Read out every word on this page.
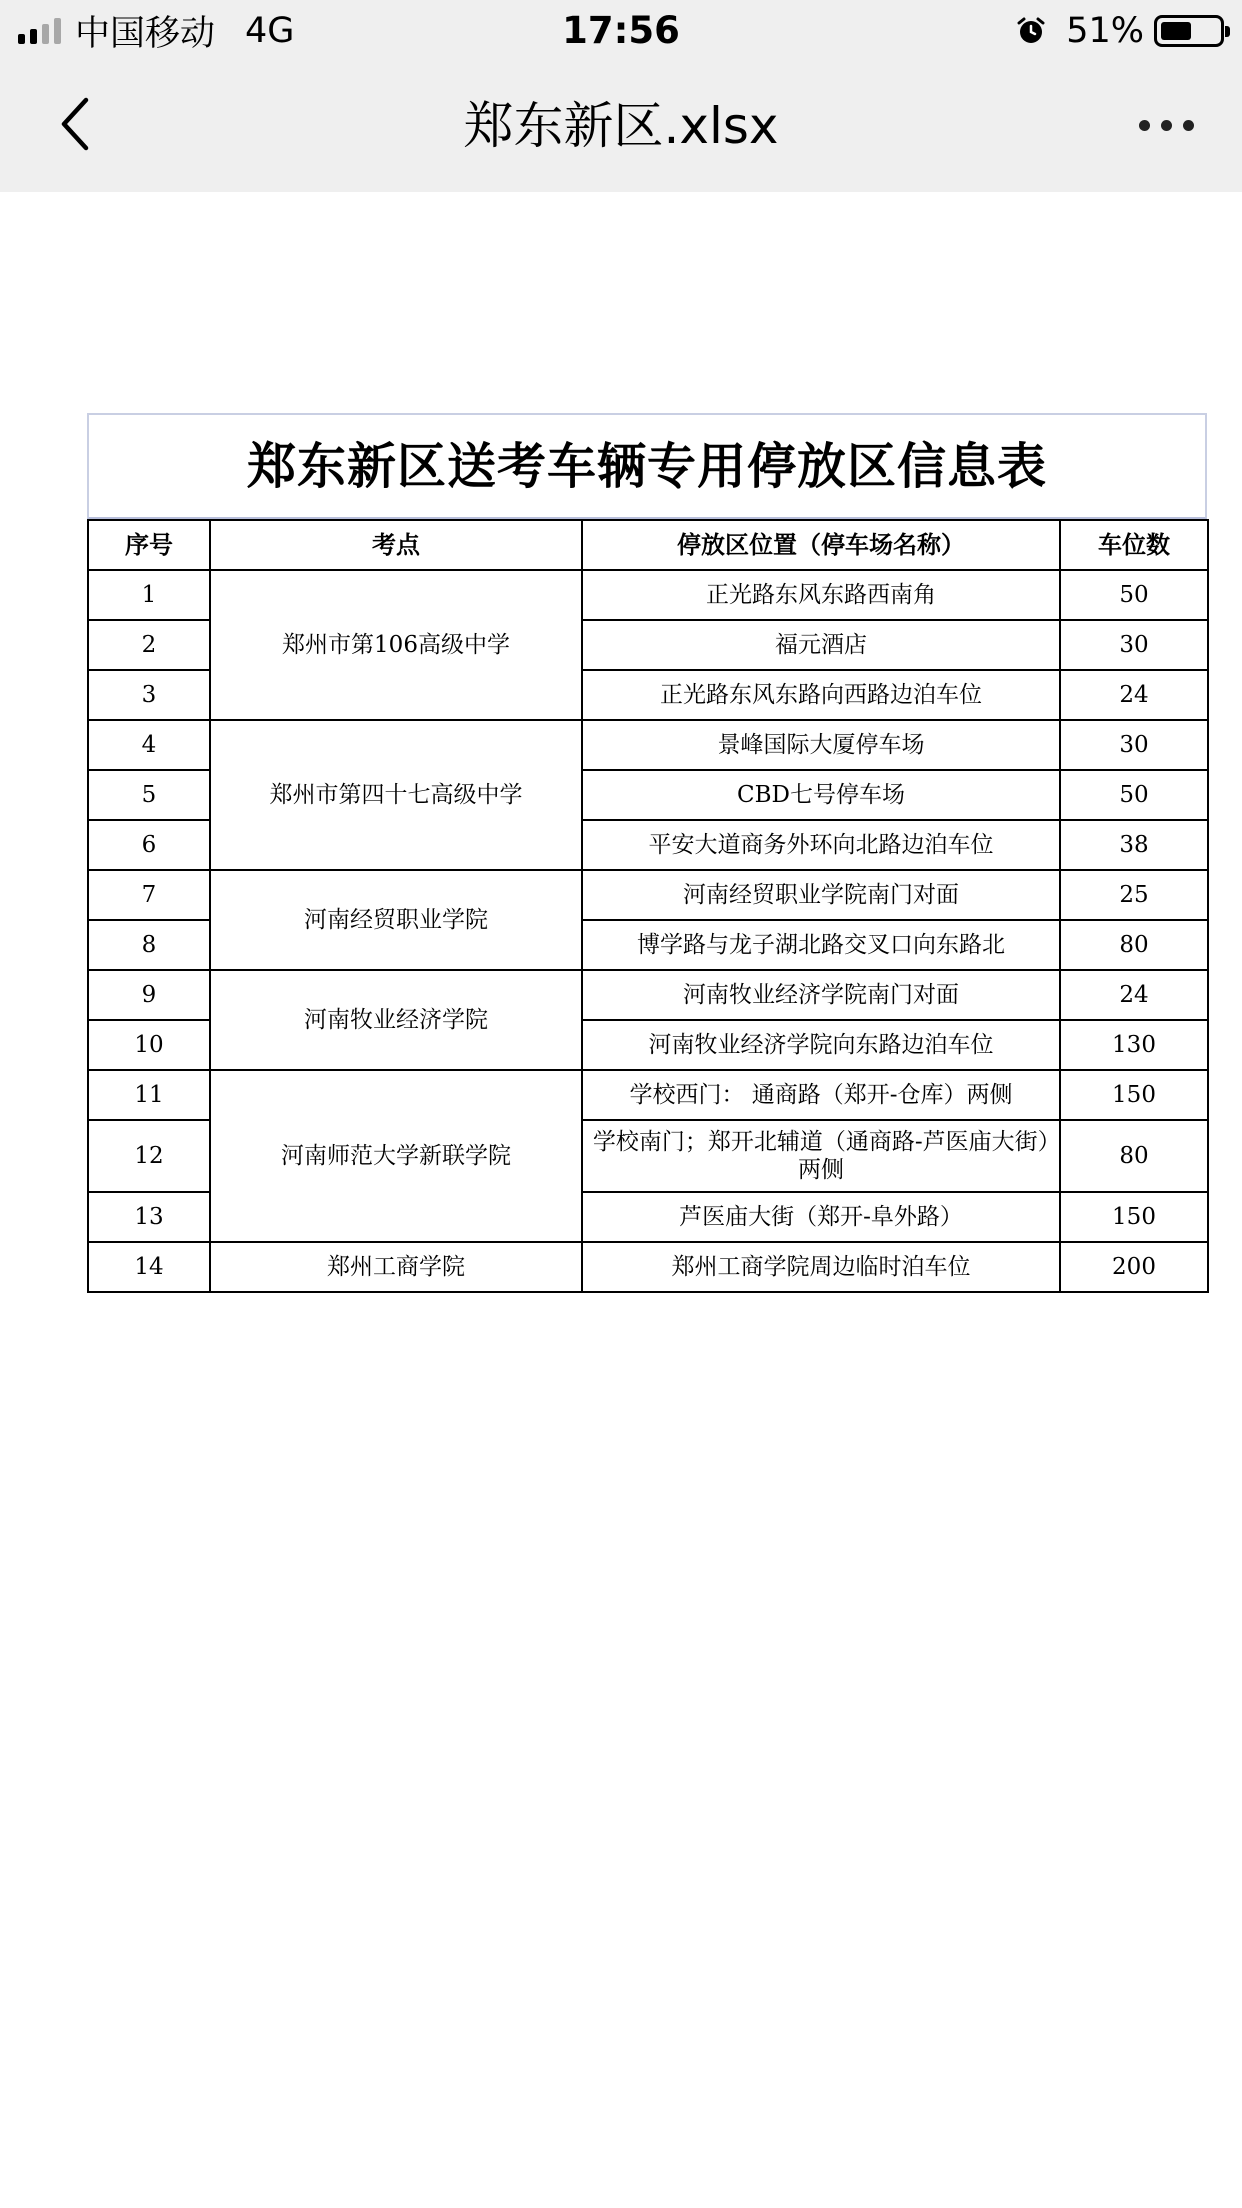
中国移动 4G	17:56	51%
郑东新区.xlsx
郑东新区送考车辆专用停放区信息表
序号	考点	停放区位置（停车场名称）	车位数
1	郑州市第106高级中学	正光路东风东路西南角	50
2		福元酒店	30
3		正光路东风东路向西路边泊车位	24
4	郑州市第四十七高级中学	景峰国际大厦停车场	30
5		CBD七号停车场	50
6		平安大道商务外环向北路边泊车位	38
7	河南经贸职业学院	河南经贸职业学院南门对面	25
8		博学路与龙子湖北路交叉口向东路北	80
9	河南牧业经济学院	河南牧业经济学院南门对面	24
10		河南牧业经济学院向东路边泊车位	130
11	河南师范大学新联学院	学校西门： 通商路（郑开-仓库）两侧	150
12		学校南门；郑开北辅道（通商路-芦医庙大街）两侧	80
13		芦医庙大街（郑开-阜外路）	150
14	郑州工商学院	郑州工商学院周边临时泊车位	200
